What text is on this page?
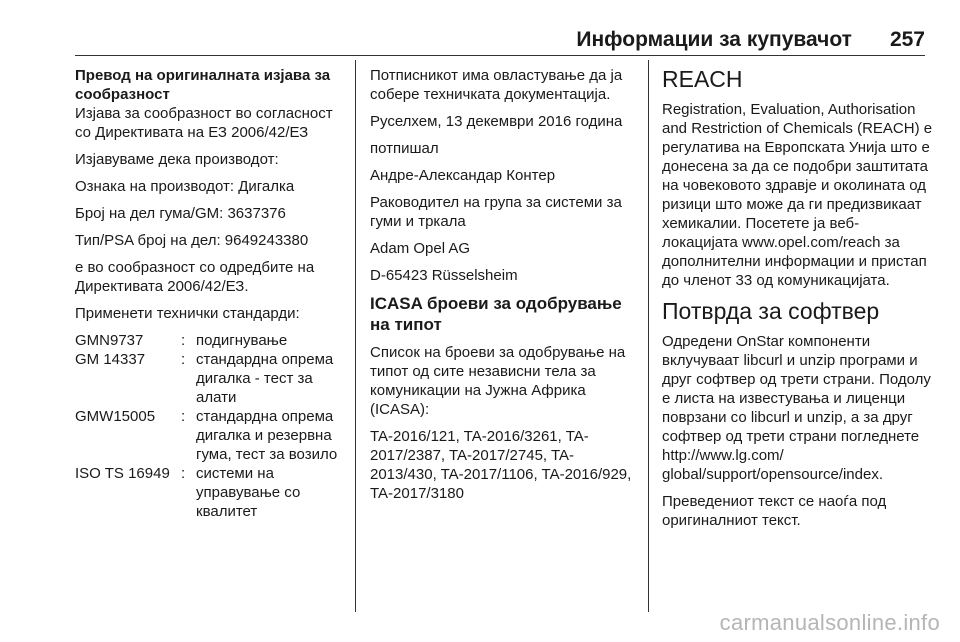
Информации за купувачот 257

Превод на оригиналната изјава за сообразност

Изјава за сообразност во согласност со Директивата на ЕЗ 2006/42/ЕЗ

Изјавуваме дека производот:

Ознака на производот: Дигалка

Број на дел гума/GM: 3637376

Тип/PSA број на дел: 9649243380

е во сообразност со одредбите на Директивата 2006/42/ЕЗ.

Применети технички стандарди:

GMN9737	: подигнување
GM 14337	: стандардна опрема дигалка - тест за алати
GMW15005	: стандардна опрема дигалка и резервна гума, тест за возило
ISO TS 16949 : системи на управување со квалитет

Потписникот има овластување да ја собере техничката документација.

Руселхем, 13 декември 2016 година

потпишал

Андре-Александар Контер

Раководител на група за системи за гуми и тркала

Adam Opel AG

D-65423 Rüsselsheim

ICASA броеви за одобрување на типот

Список на броеви за одобрување на типот од сите независни тела за комуникации на Јужна Африка (ICASA):

TA-2016/121, TA-2016/3261, TA-2017/2387, TA-2017/2745, TA-2013/430, TA-2017/1106, TA-2016/929, TA-2017/3180

REACH

Registration, Evaluation, Authorisation and Restriction of Chemicals (REACH) е регулатива на Европската Унија што е донесена за да се подобри заштитата на човековото здравје и околината од ризици што може да ги предизвикаат хемикалии. Посетете ја веб-локацијата www.opel.com/reach за дополнителни информации и пристап до членот 33 од комуникацијата.

Потврда за софтвер

Одредени OnStar компоненти вклучуваат libcurl и unzip програми и друг софтвер од трети страни. Подолу е листа на известувања и лиценци поврзани со libcurl и unzip, а за друг софтвер од трети страни погледнете http://www.lg.com/ global/support/opensource/index.

Преведениот текст се наоѓа под оригиналниот текст.

carmanualsonline.info
